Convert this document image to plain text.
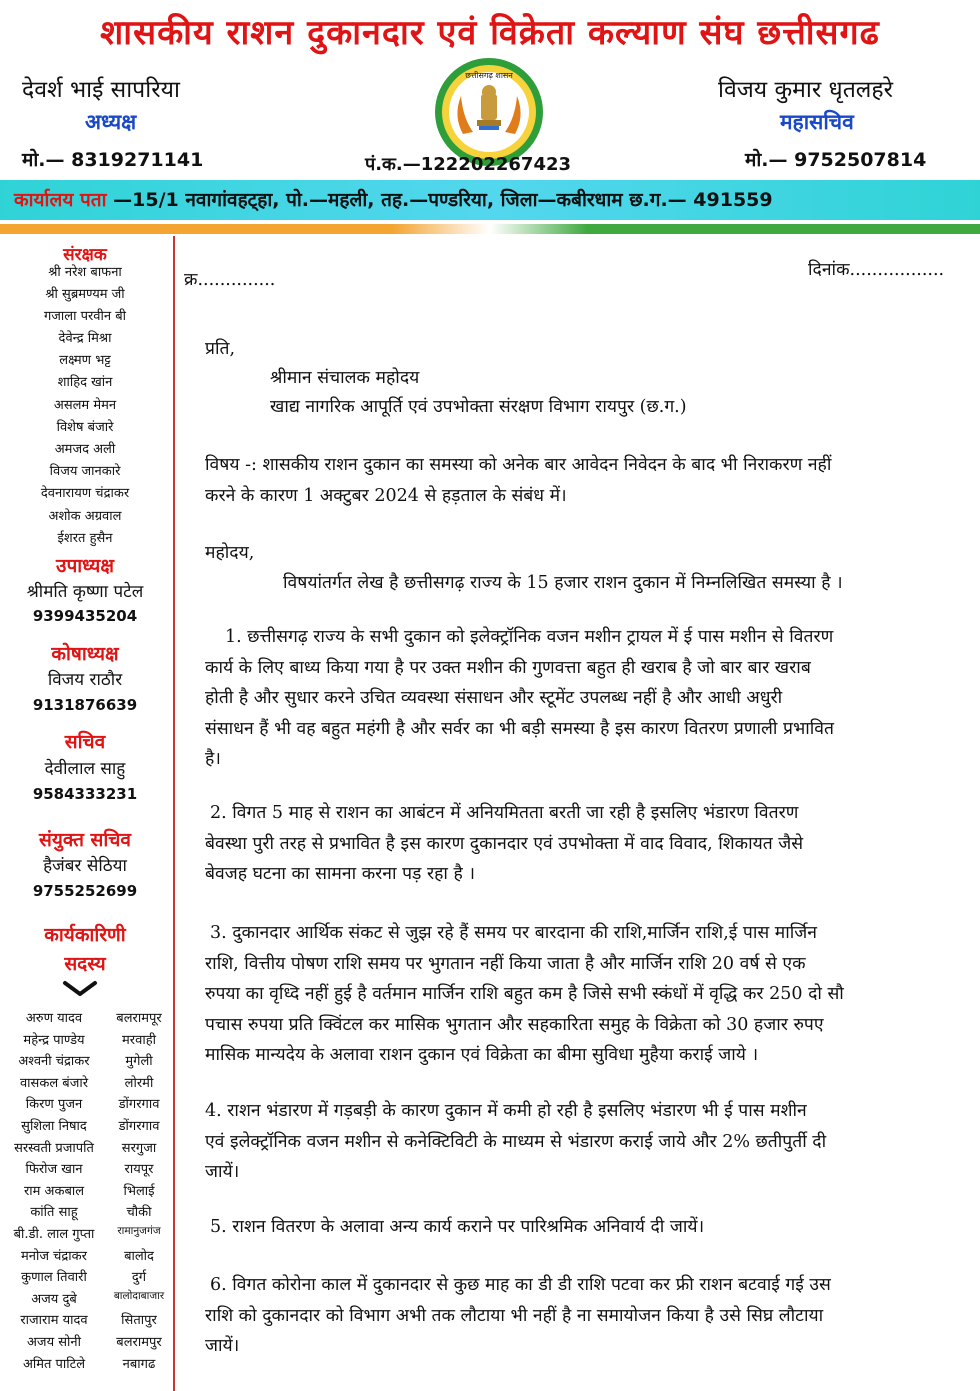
शासकीय राशन दुकानदार एवं विक्रेता कल्याण संघ छत्तीसगढ
देवर्श भाई सापरिया
अध्यक्ष
मो.— 8319271141
विजय कुमार धृतलहरे
महासचिव
मो.— 9752507814
छत्तीसगढ़ शासन
पं.क.—122202267423
कार्यालय पता —15/1 नवागांवहट्हा, पो.—महली, तह.—पण्डरिया, जिला—कबीरधाम छ.ग.— 491559
संरक्षक
श्री नरेश बाफना
श्री सुब्रमण्यम जी
गजाला परवीन बी
देवेन्द्र मिश्रा
लक्ष्मण भट्ट
शाहिद खांन
असलम मेमन
विशेष बंजारे
अमजद अली
विजय जानकारे
देवनारायण चंद्राकर
अशोक अग्रवाल
ईशरत हुसैन
उपाध्यक्ष
श्रीमति कृष्णा पटेल
9399435204
कोषाध्यक्ष
विजय राठौर
9131876639
सचिव
देवीलाल साहु
9584333231
संयुक्त सचिव
हैजंबर सेठिया
9755252699
कार्यकारिणी
सदस्य
अरुण यादव	बलरामपूर
महेन्द्र पाण्डेय	मरवाही
अश्वनी चंद्राकर	मुगेली
वासकल बंजारे	लोरमी
किरण पुजन	डोंगरगाव
सुशिला निषाद	डोंगरगाव
सरस्वती प्रजापति	सरगुजा
फिरोज खान	रायपूर
राम अकबाल	भिलाई
कांति साहू	चौकी
बी.डी. लाल गुप्ता	रामानुजगंज
मनोज चंद्राकर	बालोद
कुणाल तिवारी	दुर्ग
अजय दुबे	बालोदाबाजार
राजाराम यादव	सितापुर
अजय सोनी	बलरामपुर
अमित पाटिले	नबागढ
क्र..............	दिनांक.................
प्रति,
श्रीमान संचालक महोदय
खाद्य नागरिक आपूर्ति एवं उपभोक्ता संरक्षण विभाग रायपुर (छ.ग.)
विषय -: शासकीय राशन दुकान का समस्या को अनेक बार आवेदन निवेदन के बाद भी निराकरण नहीं
करने के कारण 1 अक्टुबर 2024 से हड़ताल के संबंध में।
महोदय,
विषयांतर्गत लेख है छत्तीसगढ़ राज्य के 15 हजार राशन दुकान में निम्नलिखित समस्या है ।
1. छत्तीसगढ़ राज्य के सभी दुकान को इलेक्ट्रॉनिक वजन मशीन ट्रायल में ई पास मशीन से वितरण
कार्य के लिए बाध्य किया गया है पर उक्त मशीन की गुणवत्ता बहुत ही खराब है जो बार बार खराब
होती है और सुधार करने उचित व्यवस्था संसाधन और स्टूमेंट उपलब्ध नहीं है और आधी अधुरी
संसाधन हैं भी वह बहुत महंगी है और सर्वर का भी बड़ी समस्या है इस कारण वितरण प्रणाली प्रभावित
है।
2. विगत 5 माह से राशन का आबंटन में अनियमितता बरती जा रही है इसलिए भंडारण वितरण
बेवस्था पुरी तरह से प्रभावित है इस कारण दुकानदार एवं उपभोक्ता में वाद विवाद, शिकायत जैसे
बेवजह घटना का सामना करना पड़ रहा है ।
3. दुकानदार आर्थिक संकट से जुझ रहे हैं समय पर बारदाना की राशि,मार्जिन राशि,ई पास मार्जिन
राशि, वित्तीय पोषण राशि समय पर भुगतान नहीं किया जाता है और मार्जिन राशि 20 वर्ष से एक
रुपया का वृध्दि नहीं हुई है वर्तमान मार्जिन राशि बहुत कम है जिसे सभी स्कंधों में वृद्धि कर 250 दो सौ
पचास रुपया प्रति क्विंटल कर मासिक भुगतान और सहकारिता समुह के विक्रेता को 30 हजार रुपए
मासिक मान्यदेय के अलावा राशन दुकान एवं विक्रेता का बीमा सुविधा मुहैया कराई जाये ।
4. राशन भंडारण में गड़बड़ी के कारण दुकान में कमी हो रही है इसलिए भंडारण भी ई पास मशीन
एवं इलेक्ट्रॉनिक वजन मशीन से कनेक्टिविटी के माध्यम से भंडारण कराई जाये और 2% छतीपुर्ती दी
जायें।
5. राशन वितरण के अलावा अन्य कार्य कराने पर पारिश्रमिक अनिवार्य दी जायें।
6. विगत कोरोना काल में दुकानदार से कुछ माह का डी डी राशि पटवा कर फ्री राशन बटवाई गई उस
राशि को दुकानदार को विभाग अभी तक लौटाया भी नहीं है ना समायोजन किया है उसे सिघ्र लौटाया
जायें।
